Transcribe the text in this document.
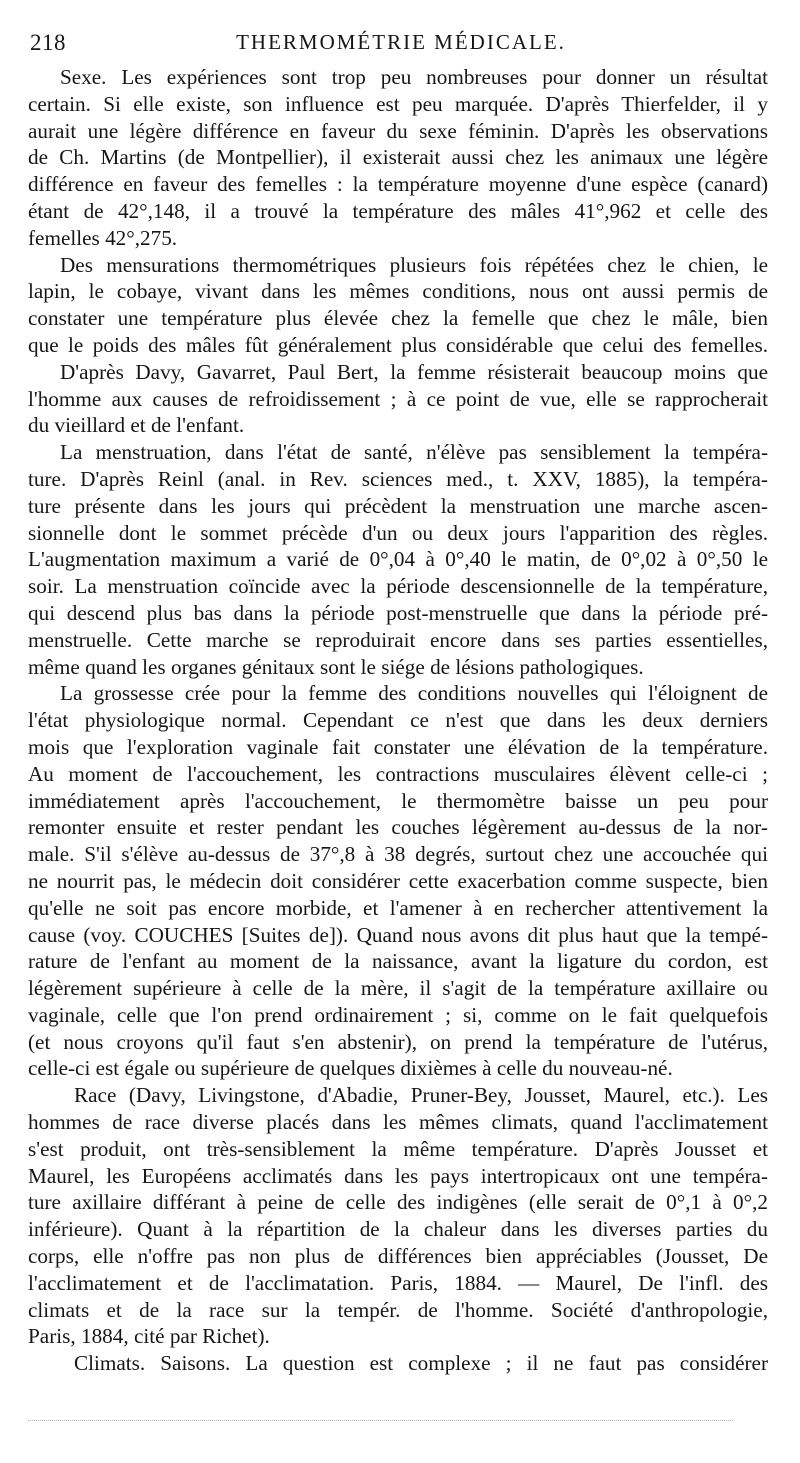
218	THERMOMÉTRIE MÉDICALE.
Sexe. Les expériences sont trop peu nombreuses pour donner un résultat
certain. Si elle existe, son influence est peu marquée. D'après Thierfelder, il y
aurait une légère différence en faveur du sexe féminin. D'après les observations
de Ch. Martins (de Montpellier), il existerait aussi chez les animaux une légère
différence en faveur des femelles : la température moyenne d'une espèce (canard)
étant de 42°,148, il a trouvé la température des mâles 41°,962 et celle des
femelles 42°,275.
Des mensurations thermométriques plusieurs fois répétées chez le chien, le
lapin, le cobaye, vivant dans les mêmes conditions, nous ont aussi permis de
constater une température plus élevée chez la femelle que chez le mâle, bien
que le poids des mâles fût généralement plus considérable que celui des femelles.
D'après Davy, Gavarret, Paul Bert, la femme résisterait beaucoup moins que
l'homme aux causes de refroidissement ; à ce point de vue, elle se rapprocherait
du vieillard et de l'enfant.
La menstruation, dans l'état de santé, n'élève pas sensiblement la tempéra-
ture. D'après Reinl (anal. in Rev. sciences med., t. XXV, 1885), la tempéra-
ture présente dans les jours qui précèdent la menstruation une marche ascen-
sionnelle dont le sommet précède d'un ou deux jours l'apparition des règles.
L'augmentation maximum a varié de 0°,04 à 0°,40 le matin, de 0°,02 à 0°,50 le
soir. La menstruation coïncide avec la période descensionnelle de la température,
qui descend plus bas dans la période post-menstruelle que dans la période pré-
menstruelle. Cette marche se reproduirait encore dans ses parties essentielles,
même quand les organes génitaux sont le siége de lésions pathologiques.
La grossesse crée pour la femme des conditions nouvelles qui l'éloignent de
l'état physiologique normal. Cependant ce n'est que dans les deux derniers
mois que l'exploration vaginale fait constater une élévation de la température.
Au moment de l'accouchement, les contractions musculaires élèvent celle-ci ;
immédiatement après l'accouchement, le thermomètre baisse un peu pour
remonter ensuite et rester pendant les couches légèrement au-dessus de la nor-
male. S'il s'élève au-dessus de 37°,8 à 38 degrés, surtout chez une accouchée qui
ne nourrit pas, le médecin doit considérer cette exacerbation comme suspecte, bien
qu'elle ne soit pas encore morbide, et l'amener à en rechercher attentivement la
cause (voy. COUCHES [Suites de]). Quand nous avons dit plus haut que la tempé-
rature de l'enfant au moment de la naissance, avant la ligature du cordon, est
légèrement supérieure à celle de la mère, il s'agit de la température axillaire ou
vaginale, celle que l'on prend ordinairement ; si, comme on le fait quelquefois
(et nous croyons qu'il faut s'en abstenir), on prend la température de l'utérus,
celle-ci est égale ou supérieure de quelques dixièmes à celle du nouveau-né.
Race (Davy, Livingstone, d'Abadie, Pruner-Bey, Jousset, Maurel, etc.). Les
hommes de race diverse placés dans les mêmes climats, quand l'acclimatement
s'est produit, ont très-sensiblement la même température. D'après Jousset et
Maurel, les Européens acclimatés dans les pays intertropicaux ont une tempéra-
ture axillaire différant à peine de celle des indigènes (elle serait de 0°,1 à 0°,2
inférieure). Quant à la répartition de la chaleur dans les diverses parties du
corps, elle n'offre pas non plus de différences bien appréciables (Jousset, De
l'acclimatement et de l'acclimatation. Paris, 1884. — Maurel, De l'infl. des
climats et de la race sur la tempér. de l'homme. Société d'anthropologie,
Paris, 1884, cité par Richet).
Climats. Saisons. La question est complexe ; il ne faut pas considérer
